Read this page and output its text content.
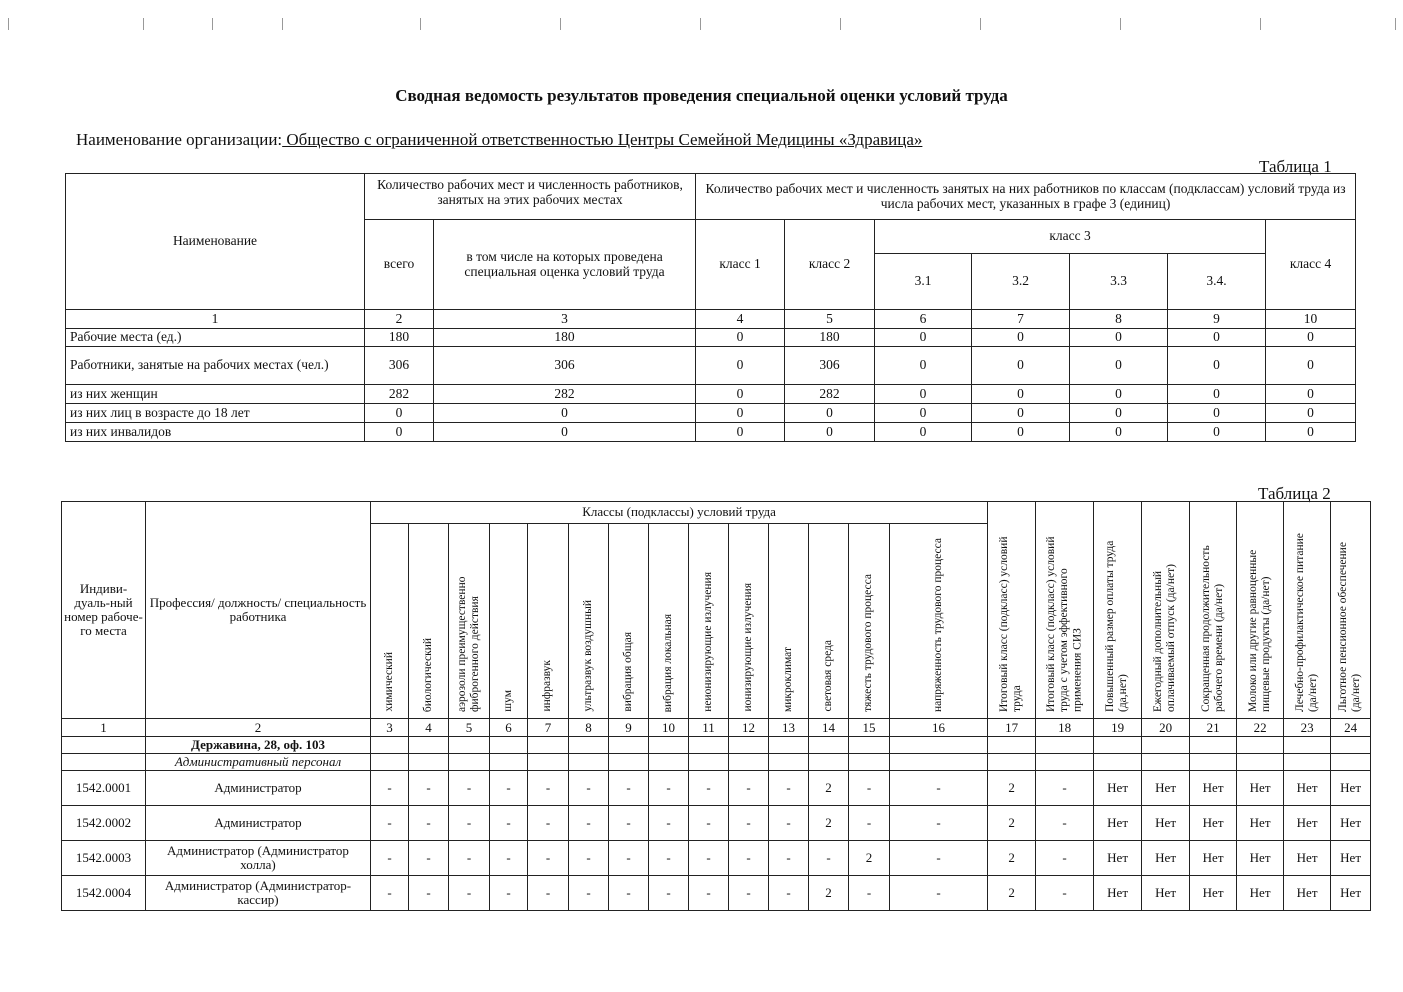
Сводная ведомость результатов проведения специальной оценки условий труда
Наименование организации: Общество с ограниченной ответственностью Центры Семейной Медицины «Здравица»
Таблица 1
Наименование	Количество рабочих мест и численность работников, занятых на этих рабочих местах		Количество рабочих мест и численность занятых на них работников по классам (подклассам) условий труда из числа рабочих мест, указанных в графе 3 (единиц)						
	всего	в том числе на которых проведена специальная оценка условий труда	класс 1	класс 2	класс 3				класс 4
					3.1	3.2	3.3	3.4.	
1	2	3	4	5	6	7	8	9	10
Рабочие места (ед.)	180	180	0	180	0	0	0	0	0
Работники, занятые на рабочих местах (чел.)	306	306	0	306	0	0	0	0	0
из них женщин	282	282	0	282	0	0	0	0	0
из них лиц в возрасте до 18 лет	0	0	0	0	0	0	0	0	0
из них инвалидов	0	0	0	0	0	0	0	0	0
Таблица 2
Индиви-дуаль-ный номер рабоче-го места	Профессия/ должность/ специальность работника	Классы (подклассы) условий труда														Итоговый класс (подкласс) условий труда	Итоговый класс (подкласс) условий труда с учетом эффективного применения СИЗ	Повышенный размер оплаты труда (да,нет)	Ежегодный дополнительный оплачиваемый отпуск (да/нет)	Сокращенная продолжительность рабочего времени (да/нет)	Молоко или другие равноценные пищевые продукты (да/нет)	Лечебно-профилактическое питание (да/нет)	Льготное пенсионное обеспечение (да/нет)
		химический	биологический	аэрозоли преимущественно фиброгенного действия	шум	инфразвук	ультразвук воздушный	вибрация общая	вибрация локальная	неионизирующие излучения	ионизирующие излучения	микроклимат	световая среда	тяжесть трудового процесса	напряженность трудового процесса								
1	2	3	4	5	6	7	8	9	10	11	12	13	14	15	16	17	18	19	20	21	22	23	24
	Державина, 28, оф. 103																						
	Административный персонал																						
1542.0001	Администратор	-	-	-	-	-	-	-	-	-	-	-	2	-	-	2	-	Нет	Нет	Нет	Нет	Нет	Нет
1542.0002	Администратор	-	-	-	-	-	-	-	-	-	-	-	2	-	-	2	-	Нет	Нет	Нет	Нет	Нет	Нет
1542.0003	Администратор (Администратор холла)	-	-	-	-	-	-	-	-	-	-	-	-	2	-	2	-	Нет	Нет	Нет	Нет	Нет	Нет
1542.0004	Администратор (Администратор-кассир)	-	-	-	-	-	-	-	-	-	-	-	2	-	-	2	-	Нет	Нет	Нет	Нет	Нет	Нет
